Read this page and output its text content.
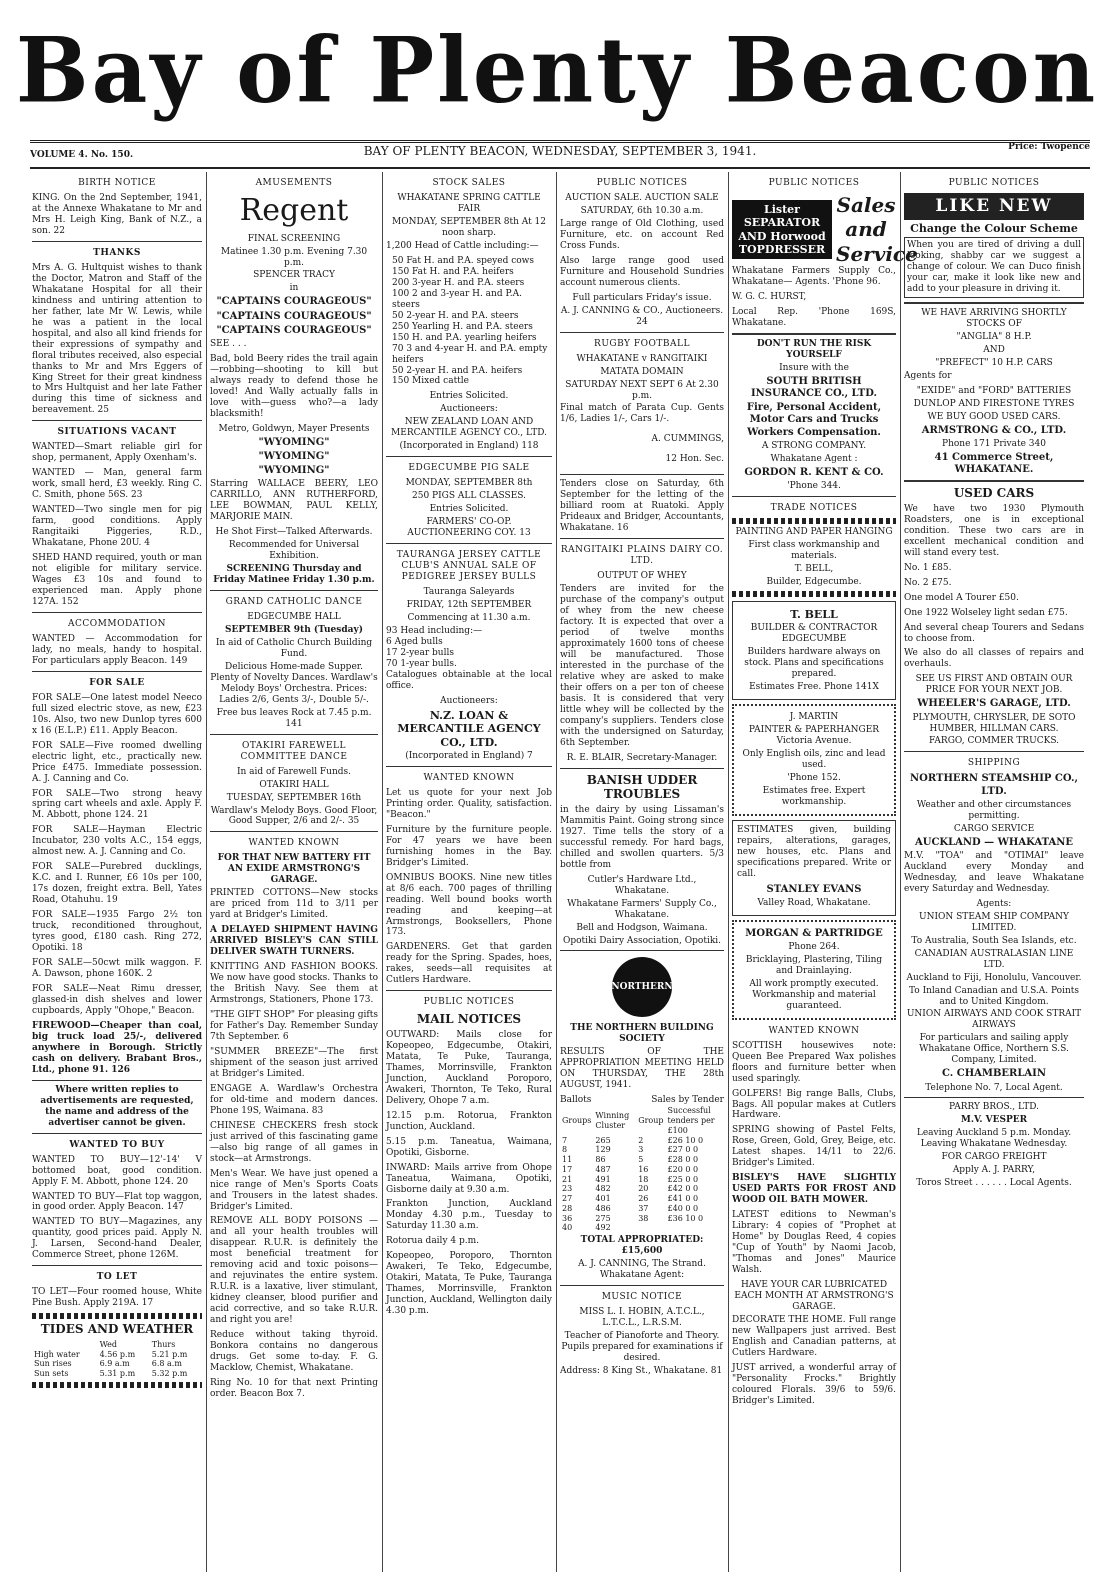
Bay of Plenty Beacon
VOLUME 4. No. 150.	BAY OF PLENTY BEACON, WEDNESDAY, SEPTEMBER 3, 1941.	Price: Twopence
BIRTH NOTICE

KING. On the 2nd September, 1941, at the Annexe Whakatane to Mr and Mrs H. Leigh King, Bank of N.Z., a son. 22

THANKS

Mrs A. G. Hultquist wishes to thank the Doctor, Matron and Staff of the Whakatane Hospital for all their kindness and untiring attention to her father, late Mr W. Lewis, while he was a patient in the local hospital, and also all kind friends for their expressions of sympathy and floral tributes received, also especial thanks to Mr and Mrs Eggers of King Street for their great kindness to Mrs Hultquist and her late Father during this time of sickness and bereavement. 25

SITUATIONS VACANT

WANTED—Smart reliable girl for shop, permanent, Apply Oxenham's.

WANTED — Man, general farm work, small herd, £3 weekly. Ring C. C. Smith, phone 56S. 23

WANTED—Two single men for pig farm, good conditions. Apply Rangitaiki Piggeries, R.D., Whakatane, Phone 20U. 4

SHED HAND required, youth or man not eligible for military service. Wages £3 10s and found to experienced man. Apply phone 127A. 152

ACCOMMODATION

WANTED — Accommodation for lady, no meals, handy to hospital. For particulars apply Beacon. 149

FOR SALE

FOR SALE—One latest model Neeco full sized electric stove, as new, £23 10s. Also, two new Dunlop tyres 600 x 16 (E.L.P.) £11. Apply Beacon.

FOR SALE—Five roomed dwelling electric light, etc., practically new. Price £475. Immediate possession. A. J. Canning and Co.

FOR SALE—Two strong heavy spring cart wheels and axle. Apply F. M. Abbott, phone 124. 21

FOR SALE—Hayman Electric Incubator, 230 volts A.C., 154 eggs, almost new. A. J. Canning and Co.

FOR SALE—Purebred ducklings, K.C. and I. Runner, £6 10s per 100, 17s dozen, freight extra. Bell, Yates Road, Otahuhu. 19

FOR SALE—1935 Fargo 2½ ton truck, reconditioned throughout, tyres good, £180 cash. Ring 272, Opotiki. 18

FOR SALE—50cwt milk waggon. F. A. Dawson, phone 160K. 2

FOR SALE—Neat Rimu dresser, glassed-in dish shelves and lower cupboards, Apply "Ohope," Beacon.

FIREWOOD—Cheaper than coal, big truck load 25/-, delivered anywhere in Borough. Strictly cash on delivery. Brabant Bros., Ltd., phone 91. 126

Where written replies to advertisements are requested, the name and address of the advertiser cannot be given.

WANTED TO BUY

WANTED TO BUY—12'-14' V bottomed boat, good condition. Apply F. M. Abbott, phone 124. 20

WANTED TO BUY—Flat top waggon, in good order. Apply Beacon. 147

WANTED TO BUY—Magazines, any quantity, good prices paid. Apply N. J. Larsen, Second-hand Dealer, Commerce Street, phone 126M.

TO LET

TO LET—Four roomed house, White Pine Bush. Apply 219A. 17

TIDES AND WEATHER
	Wed	Thurs
High water	4.56 p.m	5.21 p.m
Sun rises	6.9 a.m	6.8 a.m
Sun sets	5.31 p.m	5.32 p.m
AMUSEMENTS
Regent

FINAL SCREENING

Matinee 1.30 p.m. Evening 7.30 p.m.

SPENCER TRACY

in

"CAPTAINS COURAGEOUS"

"CAPTAINS COURAGEOUS"

"CAPTAINS COURAGEOUS"

SEE . . .

Bad, bold Beery rides the trail again—robbing—shooting to kill but always ready to defend those he loved! And Wally actually falls in love with—guess who?—a lady blacksmith!

Metro, Goldwyn, Mayer Presents

"WYOMING"

"WYOMING"

"WYOMING"

Starring WALLACE BEERY, LEO CARRILLO, ANN RUTHERFORD, LEE BOWMAN, PAUL KELLY, MARJORIE MAIN.

He Shot First—Talked Afterwards.

Recommended for Universal Exhibition.

SCREENING Thursday and Friday Matinee Friday 1.30 p.m.

GRAND CATHOLIC DANCE

EDGECUMBE HALL

SEPTEMBER 9th (Tuesday)

In aid of Catholic Church Building Fund.

Delicious Home-made Supper. Plenty of Novelty Dances. Wardlaw's Melody Boys' Orchestra. Prices: Ladies 2/6, Gents 3/-, Double 5/-.

Free bus leaves Rock at 7.45 p.m. 141

OTAKIRI FAREWELL COMMITTEE DANCE

In aid of Farewell Funds.

OTAKIRI HALL

TUESDAY, SEPTEMBER 16th

Wardlaw's Melody Boys. Good Floor, Good Supper, 2/6 and 2/-. 35

WANTED KNOWN

FOR THAT NEW BATTERY FIT AN EXIDE ARMSTRONG'S GARAGE.

PRINTED COTTONS—New stocks are priced from 11d to 3/11 per yard at Bridger's Limited.

A DELAYED SHIPMENT HAVING ARRIVED BISLEY'S CAN STILL DELIVER SWATH TURNERS.

KNITTING AND FASHION BOOKS. We now have good stocks. Thanks to the British Navy. See them at Armstrongs, Stationers, Phone 173.

"THE GIFT SHOP" For pleasing gifts for Father's Day. Remember Sunday 7th September. 6

"SUMMER BREEZE"—The first shipment of the season just arrived at Bridger's Limited.

ENGAGE A. Wardlaw's Orchestra for old-time and modern dances. Phone 19S, Waimana. 83

CHINESE CHECKERS fresh stock just arrived of this fascinating game—also big range of all games in stock—at Armstrongs.

Men's Wear. We have just opened a nice range of Men's Sports Coats and Trousers in the latest shades. Bridger's Limited.

REMOVE ALL BODY POISONS —and all your health troubles will disappear. R.U.R. is definitely the most beneficial treatment for removing acid and toxic poisons—and rejuvinates the entire system. R.U.R. is a laxative, liver stimulant, kidney cleanser, blood purifier and acid corrective, and so take R.U.R. and right you are!

Reduce without taking thyroid. Bonkora contains no dangerous drugs. Get some to-day. F. G. Macklow, Chemist, Whakatane.

Ring No. 10 for that next Printing order. Beacon Box 7.

STOCK SALES

WHAKATANE SPRING CATTLE FAIR

MONDAY, SEPTEMBER 8th At 12 noon sharp.

1,200 Head of Cattle including:—

50 Fat H. and P.A. speyed cows
150 Fat H. and P.A. heifers
200 3-year H. and P.A. steers
100 2 and 3-year H. and P.A. steers
50 2-year H. and P.A. steers
250 Yearling H. and P.A. steers
150 H. and P.A. yearling heifers
70 3 and 4-year H. and P.A. empty heifers
50 2-year H. and P.A. heifers
150 Mixed cattle

Entries Solicited.

Auctioneers:

NEW ZEALAND LOAN AND MERCANTILE AGENCY CO., LTD.

(Incorporated in England) 118

EDGECUMBE PIG SALE

MONDAY, SEPTEMBER 8th

250 PIGS ALL CLASSES.

Entries Solicited.

FARMERS' CO-OP. AUCTIONEERING COY. 13

TAURANGA JERSEY CATTLE CLUB'S ANNUAL SALE OF PEDIGREE JERSEY BULLS

Tauranga Saleyards

FRIDAY, 12th SEPTEMBER

Commencing at 11.30 a.m.

93 Head including:—
6 Aged bulls
17 2-year bulls
70 1-year bulls.

Catalogues obtainable at the local office.

Auctioneers:

N.Z. LOAN & MERCANTILE AGENCY CO., LTD.

(Incorporated in England) 7

WANTED KNOWN

Let us quote for your next Job Printing order. Quality, satisfaction. "Beacon."

Furniture by the furniture people. For 47 years we have been furnishing homes in the Bay. Bridger's Limited.

OMNIBUS BOOKS. Nine new titles at 8/6 each. 700 pages of thrilling reading. Well bound books worth reading and keeping—at Armstrongs, Booksellers, Phone 173.

GARDENERS. Get that garden ready for the Spring. Spades, hoes, rakes, seeds—all requisites at Cutlers Hardware.

PUBLIC NOTICES
MAIL NOTICES

OUTWARD: Mails close for Kopeopeo, Edgecumbe, Otakiri, Matata, Te Puke, Tauranga, Thames, Morrinsville, Frankton Junction, Auckland Poroporo, Awakeri, Thornton, Te Teko, Rural Delivery, Ohope 7 a.m.

12.15 p.m. Rotorua, Frankton Junction, Auckland.

5.15 p.m. Taneatua, Waimana, Opotiki, Gisborne.

INWARD: Mails arrive from Ohope Taneatua, Waimana, Opotiki, Gisborne daily at 9.30 a.m.

Frankton Junction, Auckland Monday 4.30 p.m., Tuesday to Saturday 11.30 a.m.

Rotorua daily 4 p.m.

Kopeopeo, Poroporo, Thornton Awakeri, Te Teko, Edgecumbe, Otakiri, Matata, Te Puke, Tauranga Thames, Morrinsville, Frankton Junction, Auckland, Wellington daily 4.30 p.m.

PUBLIC NOTICES

AUCTION SALE. AUCTION SALE

SATURDAY, 6th 10.30 a.m.

Large range of Old Clothing, used Furniture, etc. on account Red Cross Funds.

Also large range good used Furniture and Household Sundries account numerous clients.

Full particulars Friday's issue.

A. J. CANNING & CO., Auctioneers. 24

RUGBY FOOTBALL

WHAKATANE v RANGITAIKI

MATATA DOMAIN

SATURDAY NEXT SEPT 6 At 2.30 p.m.

Final match of Parata Cup. Gents 1/6, Ladies 1/-, Cars 1/-.

A. CUMMINGS,

12 Hon. Sec.

Tenders close on Saturday, 6th September for the letting of the billiard room at Ruatoki. Apply Prideaux and Bridger, Accountants, Whakatane. 16

RANGITAIKI PLAINS DAIRY CO. LTD.

OUTPUT OF WHEY

Tenders are invited for the purchase of the company's output of whey from the new cheese factory. It is expected that over a period of twelve months approximately 1600 tons of cheese will be manufactured. Those interested in the purchase of the relative whey are asked to make their offers on a per ton of cheese basis. It is considered that very little whey will be collected by the company's suppliers. Tenders close with the undersigned on Saturday, 6th September.

R. E. BLAIR, Secretary-Manager.

BANISH UDDER TROUBLES

in the dairy by using Lissaman's Mammitis Paint. Going strong since 1927. Time tells the story of a successful remedy. For hard bags, chilled and swollen quarters. 5/3 bottle from

Cutler's Hardware Ltd., Whakatane.

Whakatane Farmers' Supply Co., Whakatane.

Bell and Hodgson, Waimana.

Opotiki Dairy Association, Opotiki.

NORTHERN

THE NORTHERN BUILDING SOCIETY

RESULTS OF THE APPROPRIATION MEETING HELD ON THURSDAY, THE 28th AUGUST, 1941.

Ballots	Sales by Tender
Groups	Winning Cluster	Group	Successful tenders per £100
7	265	2	£26 10 0
8	129	3	£27 0 0
11	86	5	£28 0 0
17	487	16	£20 0 0
21	491	18	£25 0 0
23	482	20	£42 0 0
27	401	26	£41 0 0
28	486	37	£40 0 0
36	275	38	£36 10 0
40	492		

TOTAL APPROPRIATED: £15,600

A. J. CANNING, The Strand. Whakatane Agent:

MUSIC NOTICE

MISS L. I. HOBIN, A.T.C.L., L.T.C.L., L.R.S.M.

Teacher of Pianoforte and Theory. Pupils prepared for examinations if desired.

Address: 8 King St., Whakatane. 81

PUBLIC NOTICES
Lister SEPARATOR AND Horwood TOPDRESSER
Sales and Service

Whakatane Farmers Supply Co., Whakatane— Agents. 'Phone 96.

W. G. C. HURST,

Local Rep. 'Phone 169S, Whakatane.

DON'T RUN THE RISK YOURSELF

Insure with the

SOUTH BRITISH INSURANCE CO., LTD.

Fire, Personal Accident, Motor Cars and Trucks Workers Compensation.

A STRONG COMPANY.

Whakatane Agent :

GORDON R. KENT & CO.

'Phone 344.

TRADE NOTICES

PAINTING AND PAPER HANGING

First class workmanship and materials.

T. BELL,

Builder, Edgecumbe.

T. BELL

BUILDER & CONTRACTOR EDGECUMBE

Builders hardware always on stock. Plans and specifications prepared.

Estimates Free. Phone 141X

J. MARTIN

PAINTER & PAPERHANGER Victoria Avenue.

Only English oils, zinc and lead used.

'Phone 152.

Estimates free. Expert workmanship.

ESTIMATES given, building repairs, alterations, garages, new houses, etc. Plans and specifications prepared. Write or call.

STANLEY EVANS

Valley Road, Whakatane.

MORGAN & PARTRIDGE

Phone 264.

Bricklaying, Plastering, Tiling and Drainlaying.

All work promptly executed. Workmanship and material guaranteed.

WANTED KNOWN

SCOTTISH housewives note: Queen Bee Prepared Wax polishes floors and furniture better when used sparingly.

GOLFERS! Big range Balls, Clubs, Bags. All popular makes at Cutlers Hardware.

SPRING showing of Pastel Felts, Rose, Green, Gold, Grey, Beige, etc. Latest shapes. 14/11 to 22/6. Bridger's Limited.

BISLEY'S HAVE SLIGHTLY USED PARTS FOR FROST AND WOOD OIL BATH MOWER.

LATEST editions to Newman's Library: 4 copies of "Prophet at Home" by Douglas Reed, 4 copies "Cup of Youth" by Naomi Jacob, "Thomas and Jones" Maurice Walsh.

HAVE YOUR CAR LUBRICATED EACH MONTH AT ARMSTRONG'S GARAGE.

DECORATE THE HOME. Full range new Wallpapers just arrived. Best English and Canadian patterns, at Cutlers Hardware.

JUST arrived, a wonderful array of "Personality Frocks." Brightly coloured Florals. 39/6 to 59/6. Bridger's Limited.

PUBLIC NOTICES
LIKE NEW

Change the Colour Scheme

When you are tired of driving a dull looking, shabby car we suggest a change of colour. We can Duco finish your car, make it look like new and add to your pleasure in driving it.

WE HAVE ARRIVING SHORTLY STOCKS OF

"ANGLIA" 8 H.P.

AND

"PREFECT" 10 H.P. CARS

Agents for

"EXIDE" and "FORD" BATTERIES

DUNLOP AND FIRESTONE TYRES

WE BUY GOOD USED CARS.

ARMSTRONG & CO., LTD.

Phone 171 Private 340

41 Commerce Street, WHAKATANE.

USED CARS

We have two 1930 Plymouth Roadsters, one is in exceptional condition. These two cars are in excellent mechanical condition and will stand every test.

No. 1 £85.

No. 2 £75.

One model A Tourer £50.

One 1922 Wolseley light sedan £75.

And several cheap Tourers and Sedans to choose from.

We also do all classes of repairs and overhauls.

SEE US FIRST AND OBTAIN OUR PRICE FOR YOUR NEXT JOB.

WHEELER'S GARAGE, LTD.

PLYMOUTH, CHRYSLER, DE SOTO HUMBER, HILLMAN CARS.

FARGO, COMMER TRUCKS.

SHIPPING

NORTHERN STEAMSHIP CO., LTD.

Weather and other circumstances permitting.

CARGO SERVICE

AUCKLAND — WHAKATANE

M.V. "TOA" and "OTIMAI" leave Auckland every Monday and Wednesday, and leave Whakatane every Saturday and Wednesday.

Agents:

UNION STEAM SHIP COMPANY LIMITED.

To Australia, South Sea Islands, etc.

CANADIAN AUSTRALASIAN LINE LTD.

Auckland to Fiji, Honolulu, Vancouver.

To Inland Canadian and U.S.A. Points and to United Kingdom.

UNION AIRWAYS AND COOK STRAIT AIRWAYS

For particulars and sailing apply Whakatane Office, Northern S.S. Company, Limited.

C. CHAMBERLAIN

Telephone No. 7, Local Agent.

PARRY BROS., LTD.

M.V. VESPER

Leaving Auckland 5 p.m. Monday. Leaving Whakatane Wednesday.

FOR CARGO FREIGHT

Apply A. J. PARRY,

Toros Street . . . . . . Local Agents.
